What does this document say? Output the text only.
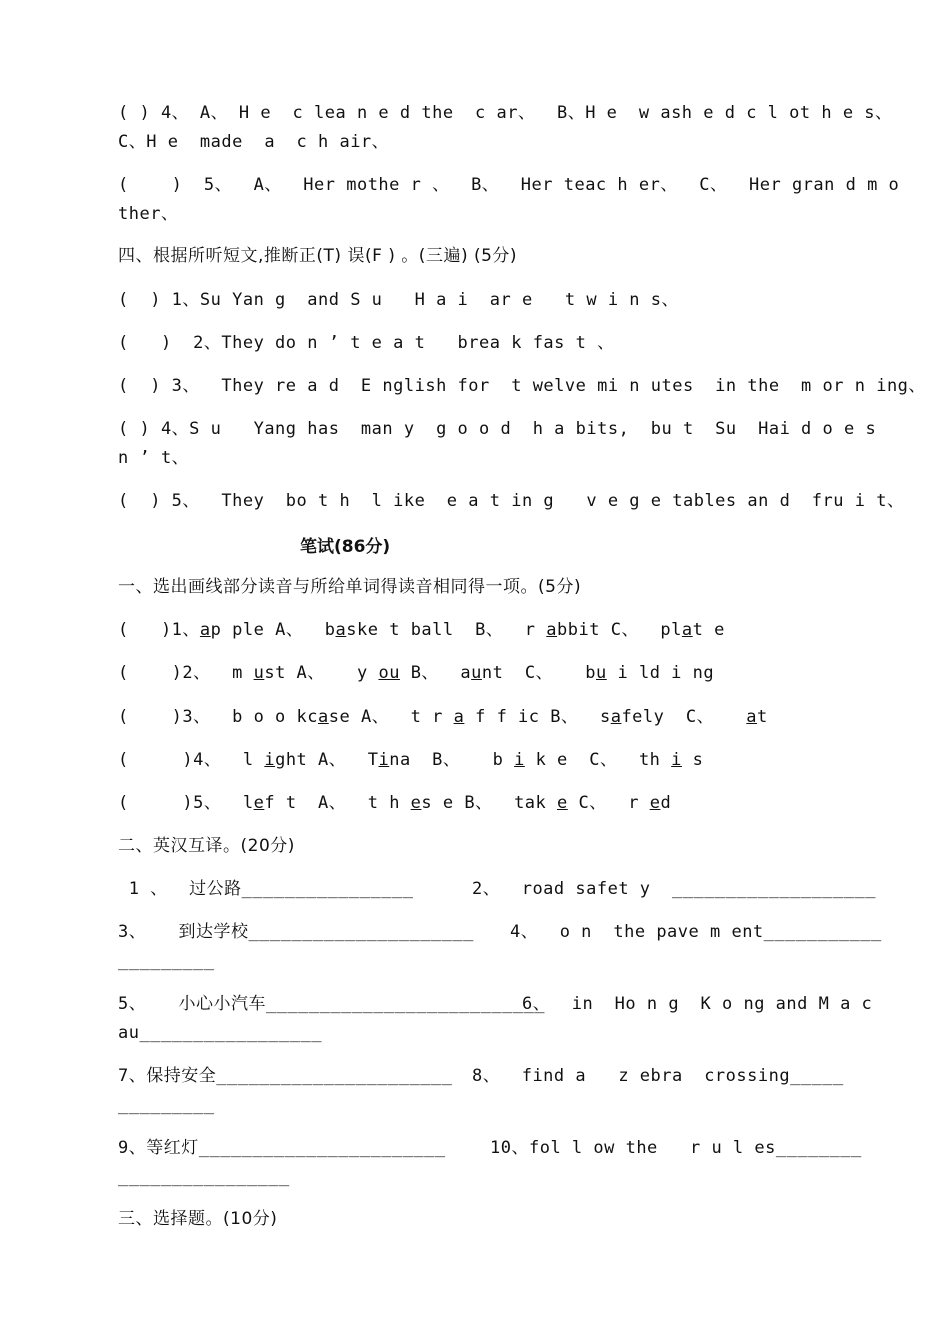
( ) 4、 A、 H e  c lea n e d the  c ar、  B、H e  w ash e d c l ot h e s、
C、H e  made  a  c h air、
(    )  5、  A、  Her mothe r 、  B、  Her teac h er、  C、  Her gran d m o
ther、
四、根据所听短文,推断正(T) 误(F ) 。(三遍) (5分)
(  ) 1、Su Yan g  and S u   H a i  ar e   t w i n s、
(   )  2、They do n ’ t e a t   brea k fas t 、
(  ) 3、  They re a d  E nglish for  t welve mi n utes  in the  m or n ing、
( ) 4、S u   Yang has  man y  g o o d  h a bits,  bu t  Su  Hai d o e s
n ’ t、
(  ) 5、  They  bo t h  l ike  e a t in g   v e g e tables an d  fru i t、
笔试(86分)
一、选出画线部分读音与所给单词得读音相同得一项。(5分)
(   )1、ap ple A、  baske t ball  B、  r abbit C、  plat e
(    )2、  m ust A、   y ou B、  aunt  C、   bu i ld i ng
(    )3、  b o o kcase A、  t r a f f ic B、  safely  C、   at
(     )4、  l ight A、  Tina  B、   b i k e  C、  th i s
(     )5、  lef t  A、  t h es e B、  tak e C、  r ed
二、英汉互译。(20分)
1 、  过公路________________	2、  road safet y  ___________________
3、   到达学校_____________________ 4、  o n  the pave m ent___________
_________
5、   小心小汽车__________________________
6、  in  Ho n g  K o ng and M a c
au_________________
7、保持安全______________________ 8、  find a   z ebra  crossing_____
_________
9、等红灯_______________________	10、fol l ow the   r u l es________
________________
三、选择题。(10分)
